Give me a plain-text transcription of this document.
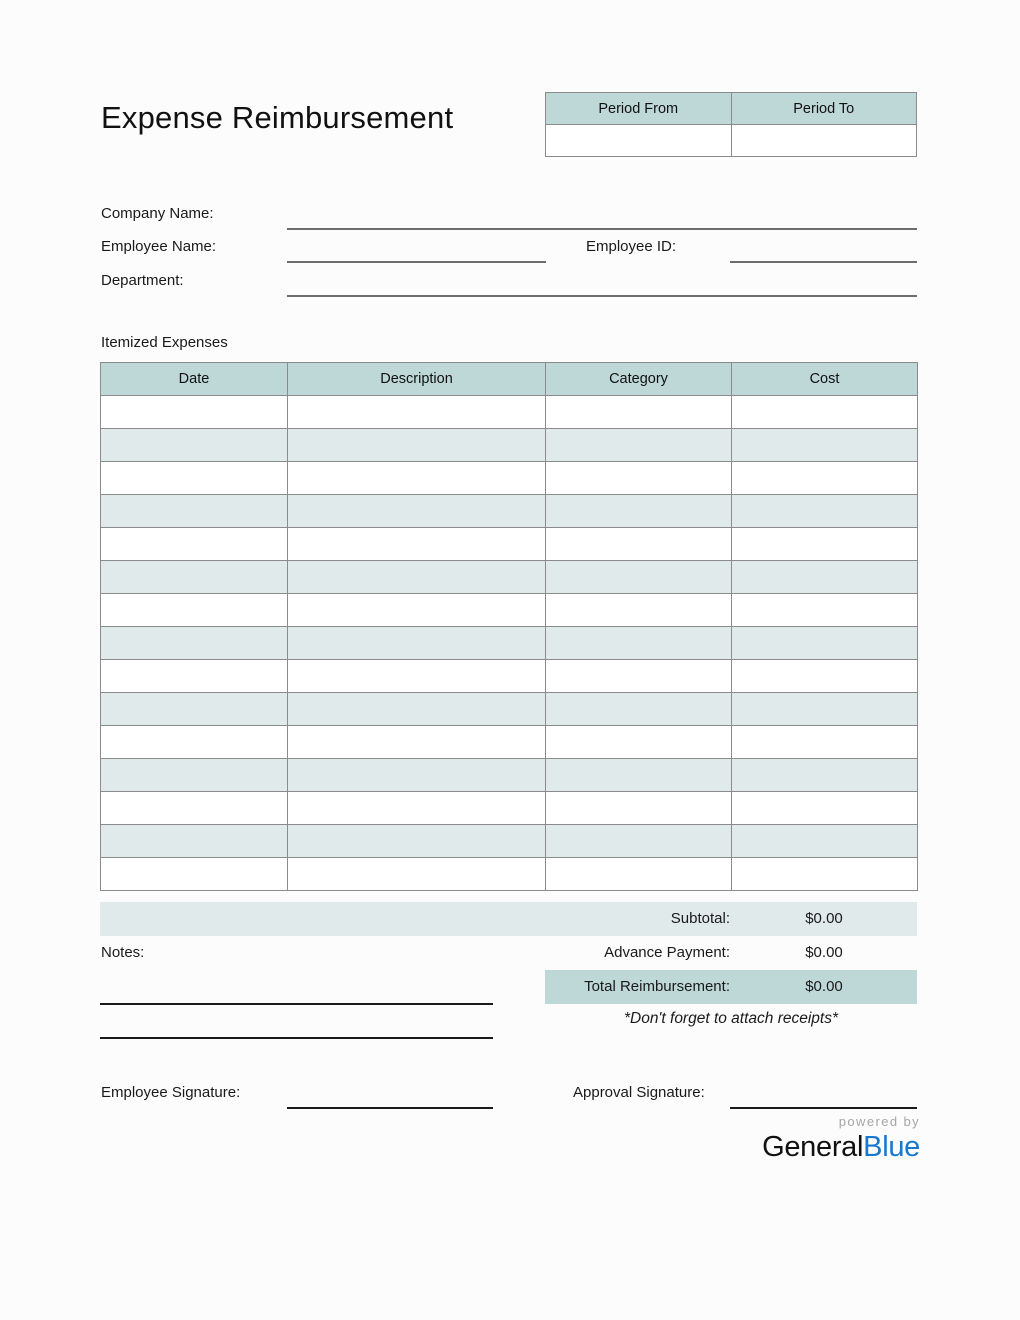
Expense Reimbursement	Period From	Period To

Company Name:
Employee Name:	Employee ID:
Department:
Itemized Expenses
Date	Description	Category	Cost

Subtotal:	$0.00
Advance Payment:	$0.00
Total Reimbursement:	$0.00
*Don't forget to attach receipts*
Notes:
Employee Signature:	Approval Signature:
powered by
GeneralBlue
